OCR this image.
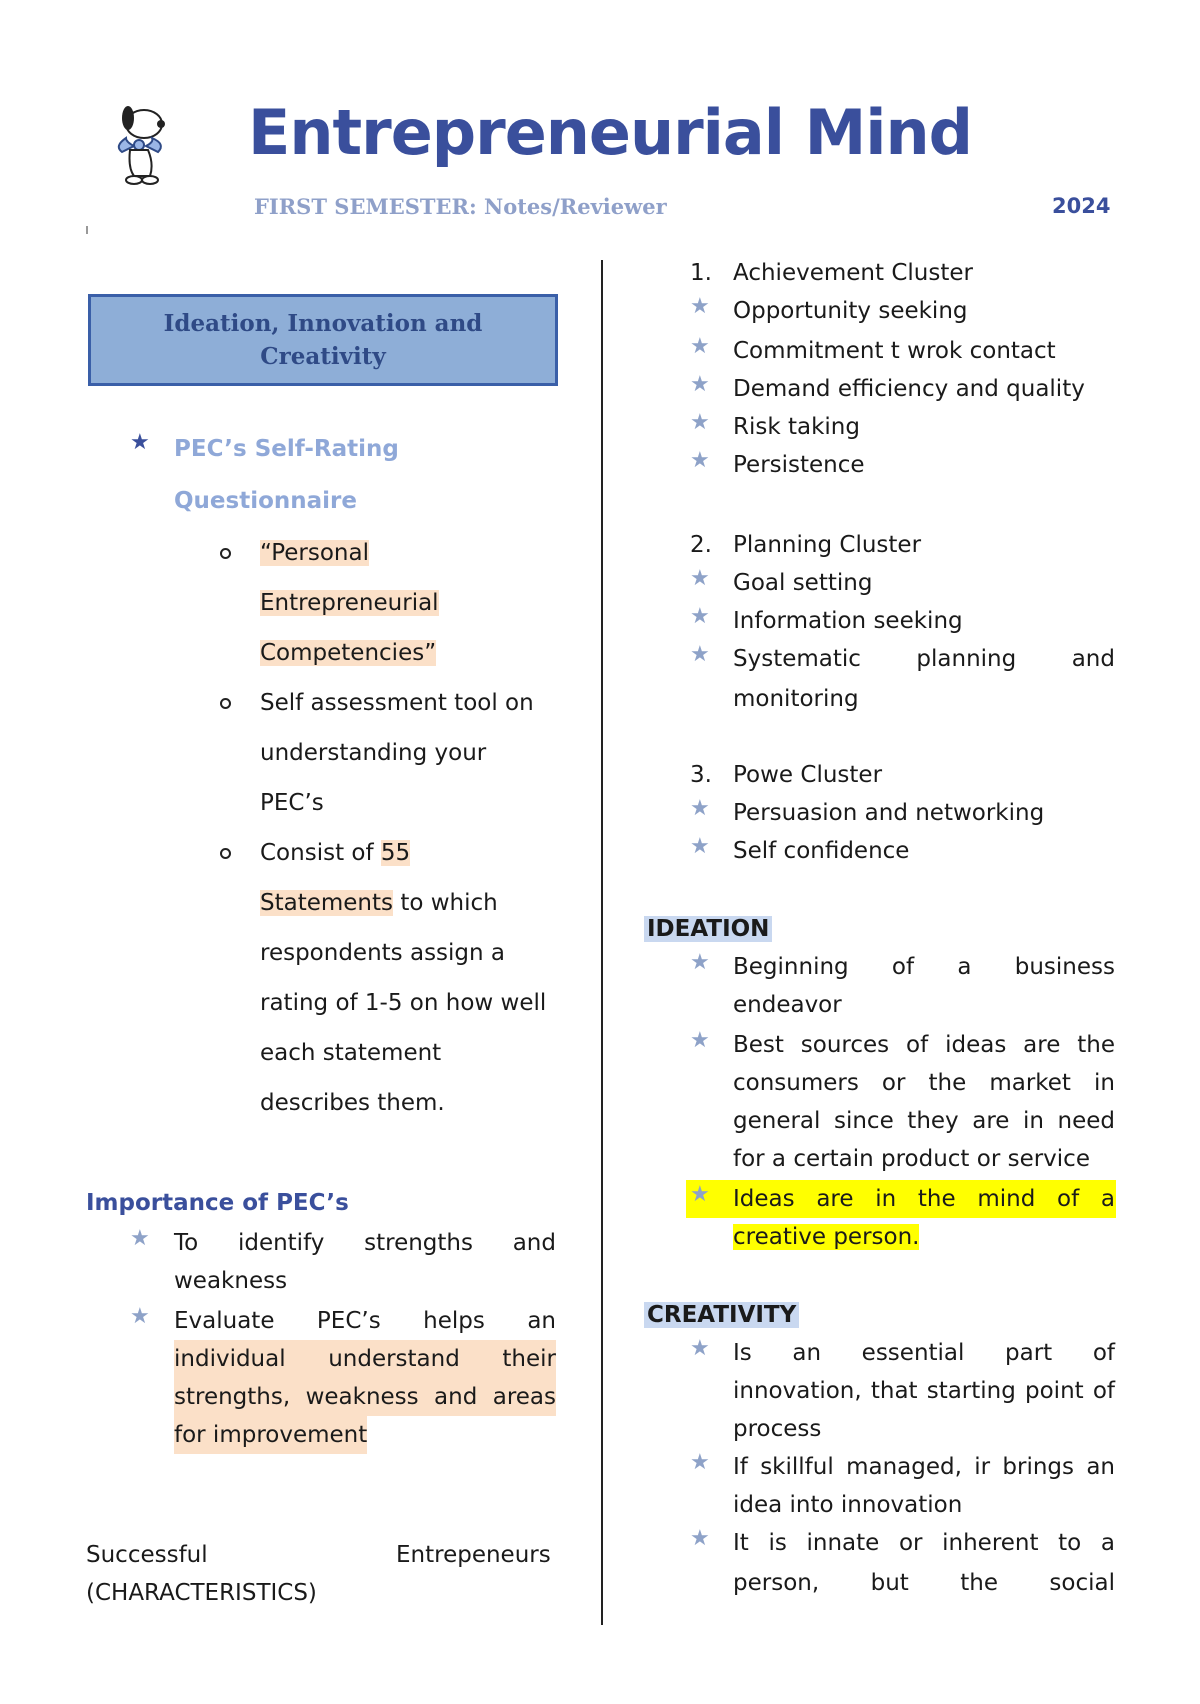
Entrepreneurial Mind
FIRST SEMESTER: Notes/Reviewer	2024
Ideation, Innovation and Creativity
★ PEC’s Self-Rating
Questionnaire
“Personal
Entrepreneurial
Competencies”
Self assessment tool on
understanding your
PEC’s
Consist of 55
Statements to which
respondents assign a
rating of 1-5 on how well
each statement
describes them.
Importance of PEC’s
★ To identify strengths and
weakness
★ Evaluate PEC’s helps an
individual understand their
strengths, weakness and areas
for improvement
Successful	Entrepeneurs
(CHARACTERISTICS)
1. Achievement Cluster
★ Opportunity seeking
★ Commitment t wrok contact
★ Demand efficiency and quality
★ Risk taking
★ Persistence
2. Planning Cluster
★ Goal setting
★ Information seeking
★ Systematic planning and
monitoring
3. Powe Cluster
★ Persuasion and networking
★ Self confidence
IDEATION
★ Beginning of a business
endeavor
★ Best sources of ideas are the
consumers or the market in
general since they are in need
for a certain product or service
★ Ideas are in the mind of a
creative person.
CREATIVITY
★ Is an essential part of
innovation, that starting point of
process
★ If skillful managed, ir brings an
idea into innovation
★ It is innate or inherent to a
person, but the social
